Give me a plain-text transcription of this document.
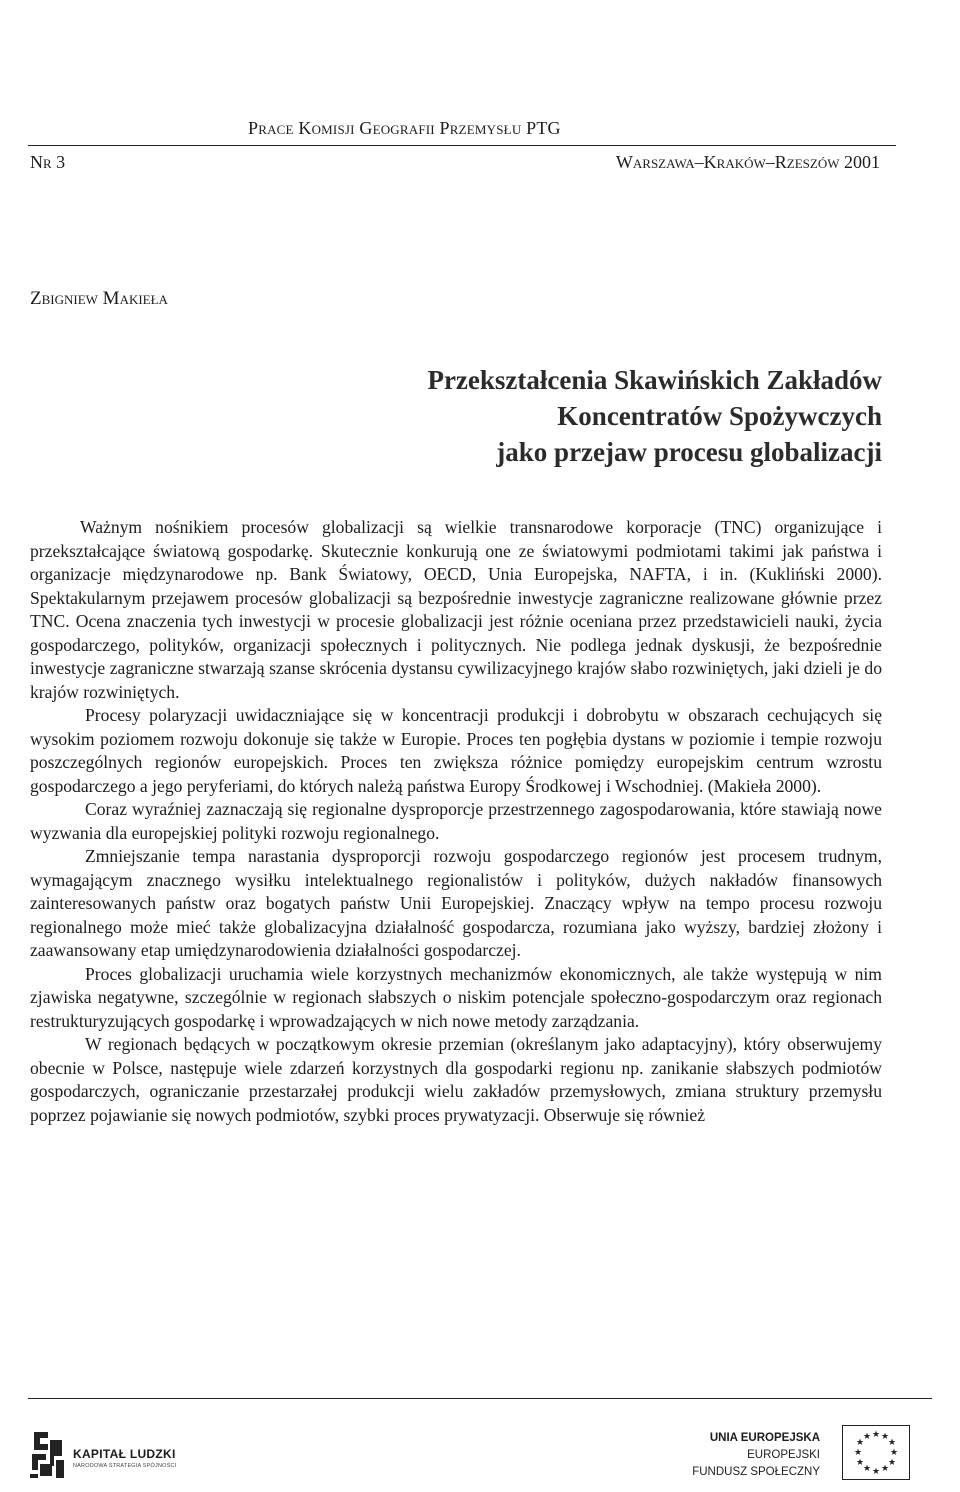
Prace Komisji Geografii Przemysłu PTG
Nr 3	Warszawa–Kraków–Rzeszów 2001
Zbigniew Makieła
Przekształcenia Skawińskich Zakładów
Koncentratów Spożywczych
jako przejaw procesu globalizacji

Ważnym nośnikiem procesów globalizacji są wielkie transnarodowe korporacje (TNC) organizujące i przekształcające światową gospodarkę. Skutecznie konkurują one ze światowymi podmiotami takimi jak państwa i organizacje międzynarodowe np. Bank Światowy, OECD, Unia Europejska, NAFTA, i in. (Kukliński 2000). Spektakularnym przejawem procesów globalizacji są bezpośrednie inwestycje zagraniczne realizowane głównie przez TNC. Ocena znaczenia tych inwestycji w procesie globalizacji jest różnie oceniana przez przedstawicieli nauki, życia gospodarczego, polityków, organizacji społecznych i politycznych. Nie podlega jednak dyskusji, że bezpośrednie inwestycje zagraniczne stwarzają szanse skrócenia dystansu cywilizacyjnego krajów słabo rozwiniętych, jaki dzieli je do krajów rozwiniętych.

Procesy polaryzacji uwidaczniające się w koncentracji produkcji i dobrobytu w obszarach cechujących się wysokim poziomem rozwoju dokonuje się także w Europie. Proces ten pogłębia dystans w poziomie i tempie rozwoju poszczególnych regionów europejskich. Proces ten zwiększa różnice pomiędzy europejskim centrum wzrostu gospodarczego a jego peryferiami, do których należą państwa Europy Środkowej i Wschodniej. (Makieła 2000).

Coraz wyraźniej zaznaczają się regionalne dysproporcje przestrzennego zagospodarowania, które stawiają nowe wyzwania dla europejskiej polityki rozwoju regionalnego.

Zmniejszanie tempa narastania dysproporcji rozwoju gospodarczego regionów jest procesem trudnym, wymagającym znacznego wysiłku intelektualnego regionalistów i polityków, dużych nakładów finansowych zainteresowanych państw oraz bogatych państw Unii Europejskiej. Znaczący wpływ na tempo procesu rozwoju regionalnego może mieć także globalizacyjna działalność gospodarcza, rozumiana jako wyższy, bardziej złożony i zaawansowany etap umiędzynarodowienia działalności gospodarczej.

Proces globalizacji uruchamia wiele korzystnych mechanizmów ekonomicznych, ale także występują w nim zjawiska negatywne, szczególnie w regionach słabszych o niskim potencjale społeczno-gospodarczym oraz regionach restrukturyzujących gospodarkę i wprowadzających w nich nowe metody zarządzania.

W regionach będących w początkowym okresie przemian (określanym jako adaptacyjny), który obserwujemy obecnie w Polsce, następuje wiele zdarzeń korzystnych dla gospodarki regionu np. zanikanie słabszych podmiotów gospodarczych, ograniczanie przestarzałej produkcji wielu zakładów przemysłowych, zmiana struktury przemysłu poprzez pojawianie się nowych podmiotów, szybki proces prywatyzacji. Obserwuje się również

KAPITAŁ LUDZKI
NARODOWA STRATEGIA SPÓJNOŚCI
UNIA EUROPEJSKA
EUROPEJSKI
FUNDUSZ SPOŁECZNY
★ ★
★
★
★
★
★
★
★
★
★
★
